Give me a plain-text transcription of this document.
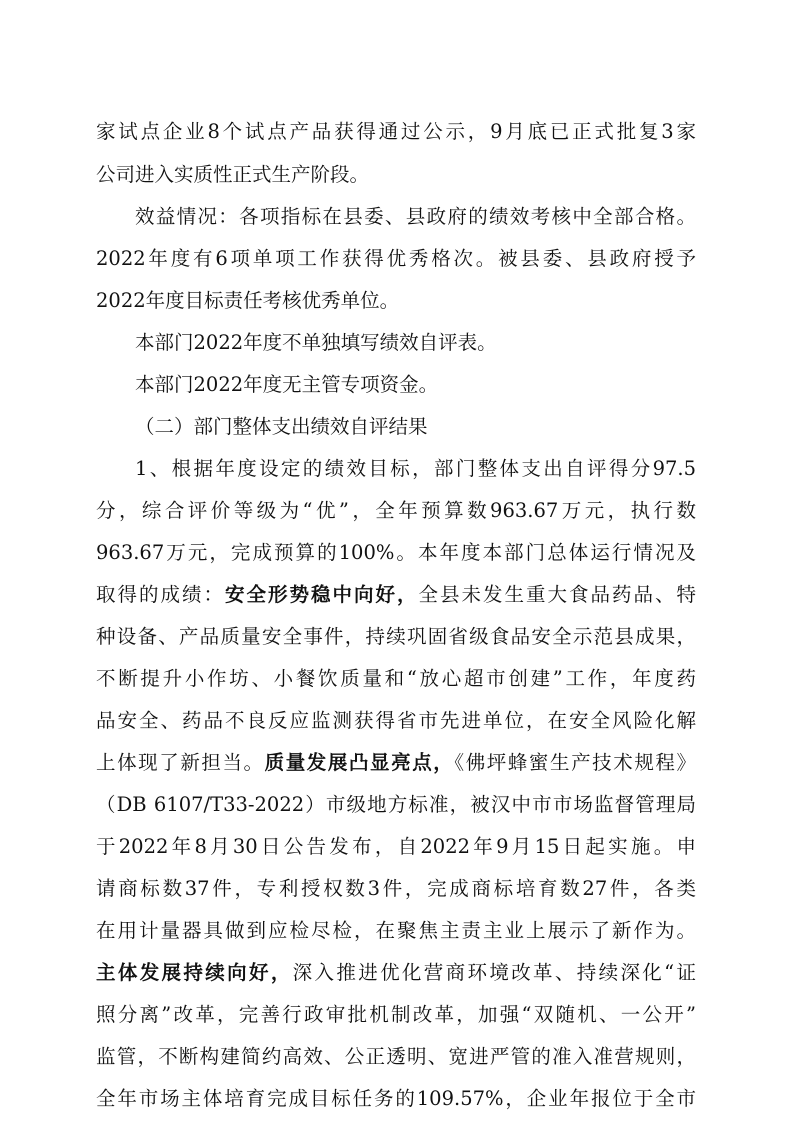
家试点企业8个试点产品获得通过公示，9月底已正式批复3家
公司进入实质性正式生产阶段。
效益情况：各项指标在县委、县政府的绩效考核中全部合格。
2022年度有6项单项工作获得优秀格次。被县委、县政府授予
2022年度目标责任考核优秀单位。
本部门2022年度不单独填写绩效自评表。
本部门2022年度无主管专项资金。
（二）部门整体支出绩效自评结果
1、根据年度设定的绩效目标，部门整体支出自评得分97.5
分，综合评价等级为“优”，全年预算数963.67万元，执行数
963.67万元，完成预算的100%。本年度本部门总体运行情况及
取得的成绩：安全形势稳中向好，全县未发生重大食品药品、特
种设备、产品质量安全事件，持续巩固省级食品安全示范县成果，
不断提升小作坊、小餐饮质量和“放心超市创建”工作，年度药
品安全、药品不良反应监测获得省市先进单位，在安全风险化解
上体现了新担当。质量发展凸显亮点，《佛坪蜂蜜生产技术规程》
（DB 6107/T33-2022）市级地方标准，被汉中市市场监督管理局
于2022年8月30日公告发布，自2022年9月15日起实施。申
请商标数37件，专利授权数3件，完成商标培育数27件，各类
在用计量器具做到应检尽检，在聚焦主责主业上展示了新作为。
主体发展持续向好，深入推进优化营商环境改革、持续深化“证
照分离”改革，完善行政审批机制改革，加强“双随机、一公开”
监管，不断构建简约高效、公正透明、宽进严管的准入准营规则，
全年市场主体培育完成目标任务的109.57%，企业年报位于全市
